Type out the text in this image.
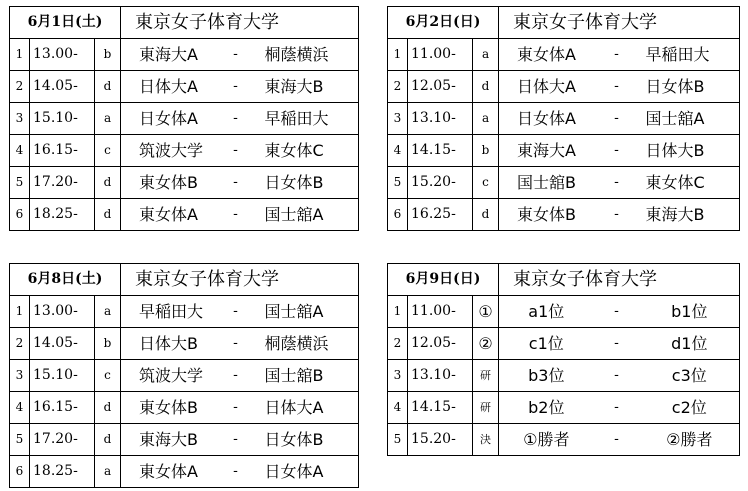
6月1日(土)			東京女子体育大学		
1	13.00-	b	東海大A	-	桐蔭横浜
2	14.05-	d	日体大A	-	東海大B
3	15.10-	a	日女体A	-	早稲田大
4	16.15-	c	筑波大学	-	東女体C
5	17.20-	d	東女体B	-	日女体B
6	18.25-	d	東女体A	-	国士舘A
6月2日(日)			東京女子体育大学		
1	11.00-	a	東女体A	-	早稲田大
2	12.05-	d	日体大A	-	日女体B
3	13.10-	a	日女体A	-	国士舘A
4	14.15-	b	東海大A	-	日体大B
5	15.20-	c	国士舘B	-	東女体C
6	16.25-	d	東女体B	-	東海大B
6月8日(土)			東京女子体育大学		
1	13.00-	a	早稲田大	-	国士舘A
2	14.05-	b	日体大B	-	桐蔭横浜
3	15.10-	c	筑波大学	-	国士舘B
4	16.15-	d	東女体B	-	日体大A
5	17.20-	d	東海大B	-	日女体B
6	18.25-	a	東女体A	-	日女体A
6月9日(日)			東京女子体育大学		
1	11.00-	①	a1位	-	b1位
2	12.05-	②	c1位	-	d1位
3	13.10-	研	b3位	-	c3位
4	14.15-	研	b2位	-	c2位
5	15.20-	決	①勝者	-	②勝者
